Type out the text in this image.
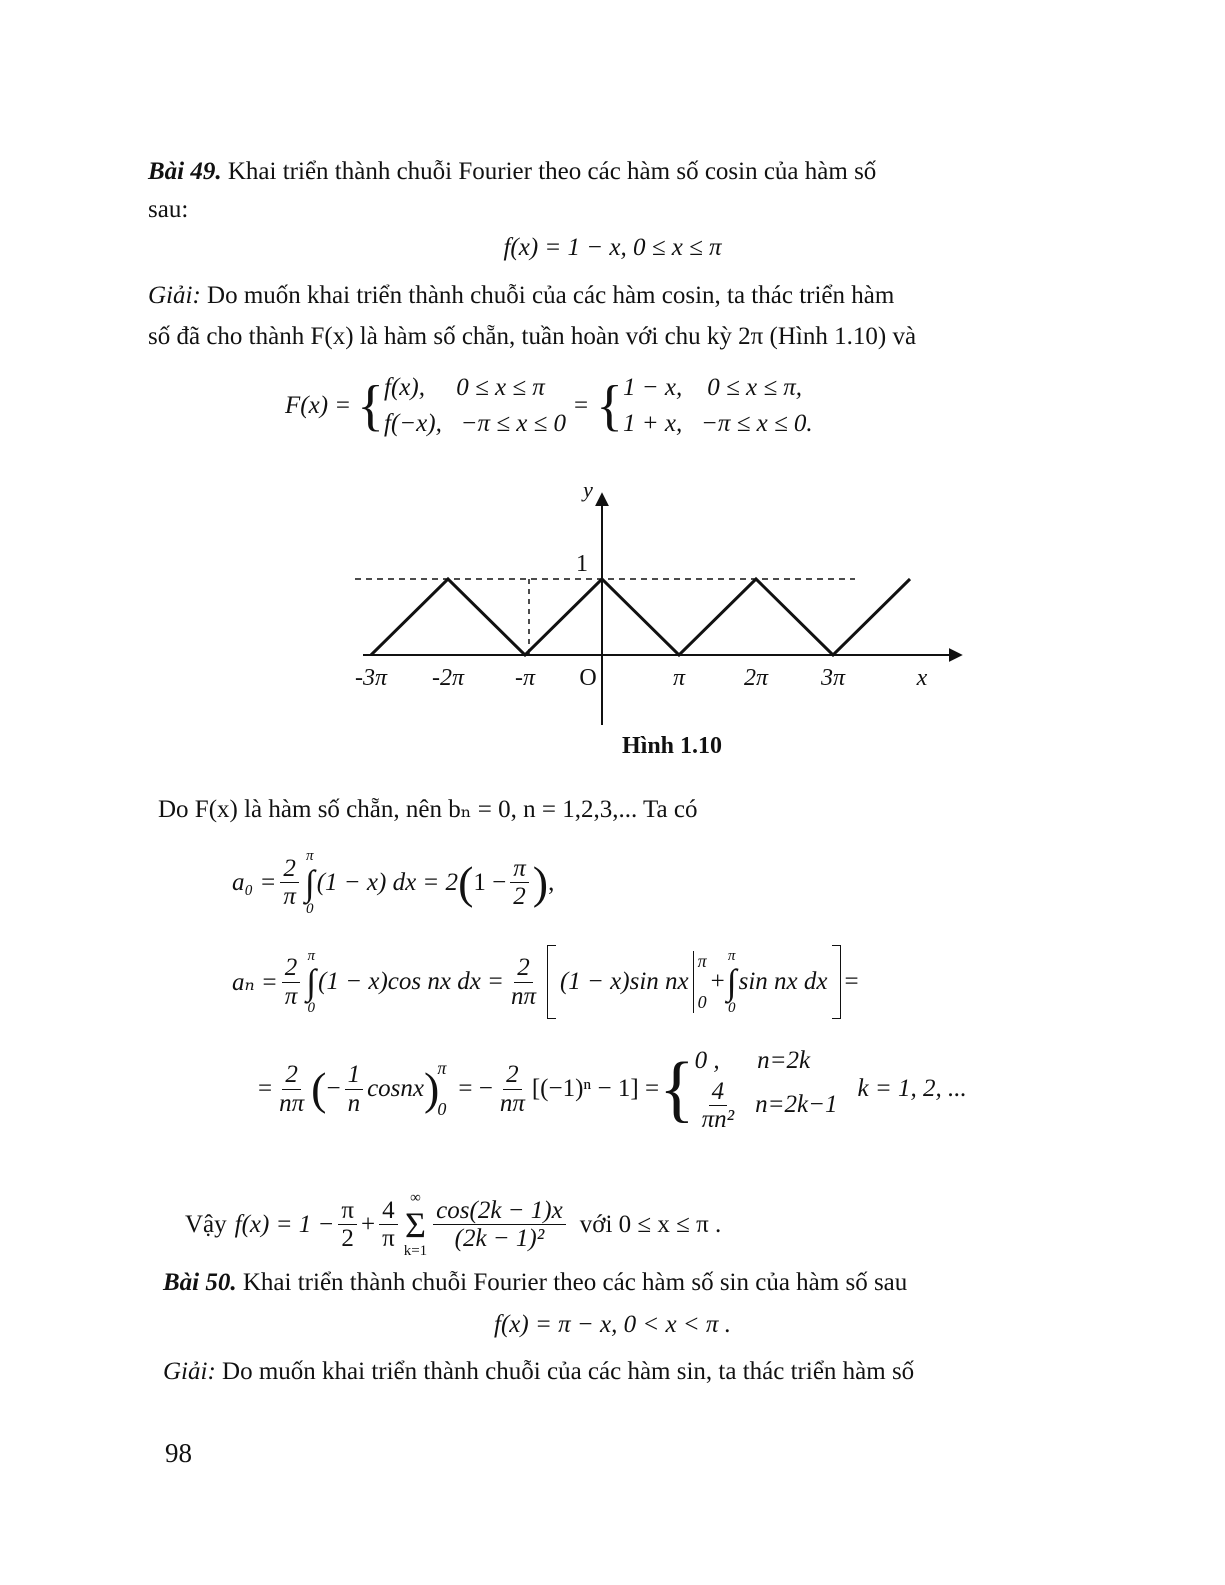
Bài 49. Khai triển thành chuỗi Fourier theo các hàm số cosin của hàm số
sau:
f(x) = 1 − x, 0 ≤ x ≤ π
Giải: Do muốn khai triển thành chuỗi của các hàm cosin, ta thác triển hàm
số đã cho thành F(x) là hàm số chẵn, tuần hoàn với chu kỳ 2π (Hình 1.10) và
F(x) = { f(x),     0 ≤ x ≤ π
f(−x),   −π ≤ x ≤ 0
= { 1 − x,    0 ≤ x ≤ π,
1 + x,   −π ≤ x ≤ 0.
-3π -2π -π O	π 2π 3π	x
y
1
Hình 1.10
Do F(x) là hàm số chẵn, nên bₙ = 0, n = 1,2,3,... Ta có
$a_0 = \frac{2}{\pi}$ π
∫
0
(1 − x) dx = 2 ( $1 - \frac{\pi}{2}$ ) ,
$a_n = \frac{2}{\pi}$ π
∫
0
(1 − x)cos nx dx = $\frac{2}{n\pi} (1 - x)\sin$ nx
π
0
+
π
∫
0
sin nx dx =
= $\frac{2}{n\pi}$ ( − $\frac{1}{n}$ cosnx )
π
0
= − $\frac{2}{n\pi} [(-1)^n - 1]$ = { 0 ,      n=2k
$\frac{4}{\text{πn²}} n=2k-1$
k = 1, 2, ...
Vậy $f(x) = 1 - \frac{\pi}{2} + \frac{4}{\pi}$ ∞
Σ
$k=1 \frac{\cos(2k - 1)x}{\text{(2k − 1)²}}$ với 0 ≤ x ≤ π .
Bài 50. Khai triển thành chuỗi Fourier theo các hàm số sin của hàm số sau
f(x) = π − x, 0 < x < π .
Giải: Do muốn khai triển thành chuỗi của các hàm sin, ta thác triển hàm số
98
